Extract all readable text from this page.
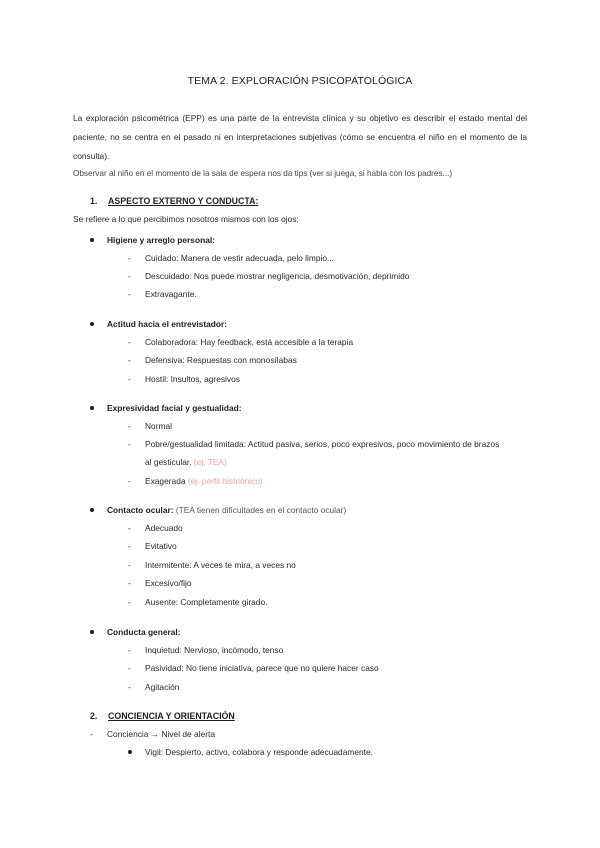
TEMA 2. EXPLORACIÓN PSICOPATOLÓGICA
La exploración psicométrica (EPP) es una parte de la entrevista clínica y su objetivo es describir el estado mental del paciente, no se centra en el pasado ni en interpretaciones subjetivas (cómo se encuentra el niño en el momento de la consulta).
Observar al niño en el momento de la sala de espera nos da tips (ver si juega, si habla con los padres...)
1. ASPECTO EXTERNO Y CONDUCTA:
Se refiere a lo que percibimos nosotros mismos con los ojos:
Higiene y arreglo personal:
- Cuidado: Manera de vestir adecuada, pelo limpio...
- Descuidado: Nos puede mostrar negligencia, desmotivación, deprimido
- Extravagante.
Actitud hacia el entrevistador:
- Colaboradora: Hay feedback, está accesible a la terapia
- Defensiva: Respuestas con monosílabas
- Hostil: Insultos, agresivos
Expresividad facial y gestualidad:
- Normal
- Pobre/gestualidad limitada: Actitud pasiva, serios, poco expresivos, poco movimiento de brazos
al gesticular. (ej. TEA)
- Exagerada (ej. perfil histriónico)
Contacto ocular: (TEA tienen dificultades en el contacto ocular)
- Adecuado
- Evitativo
- Intermitente: A veces te mira, a veces no
- Excesivo/fijo
- Ausente: Completamente girado.
Conducta general:
- Inquietud: Nervioso, incómodo, tenso
- Pasividad: No tiene iniciativa, parece que no quiere hacer caso
- Agitación
2. CONCIENCIA Y ORIENTACIÓN
- Conciencia → Nivel de alerta
Vigil: Despierto, activo, colabora y responde adecuadamente.
